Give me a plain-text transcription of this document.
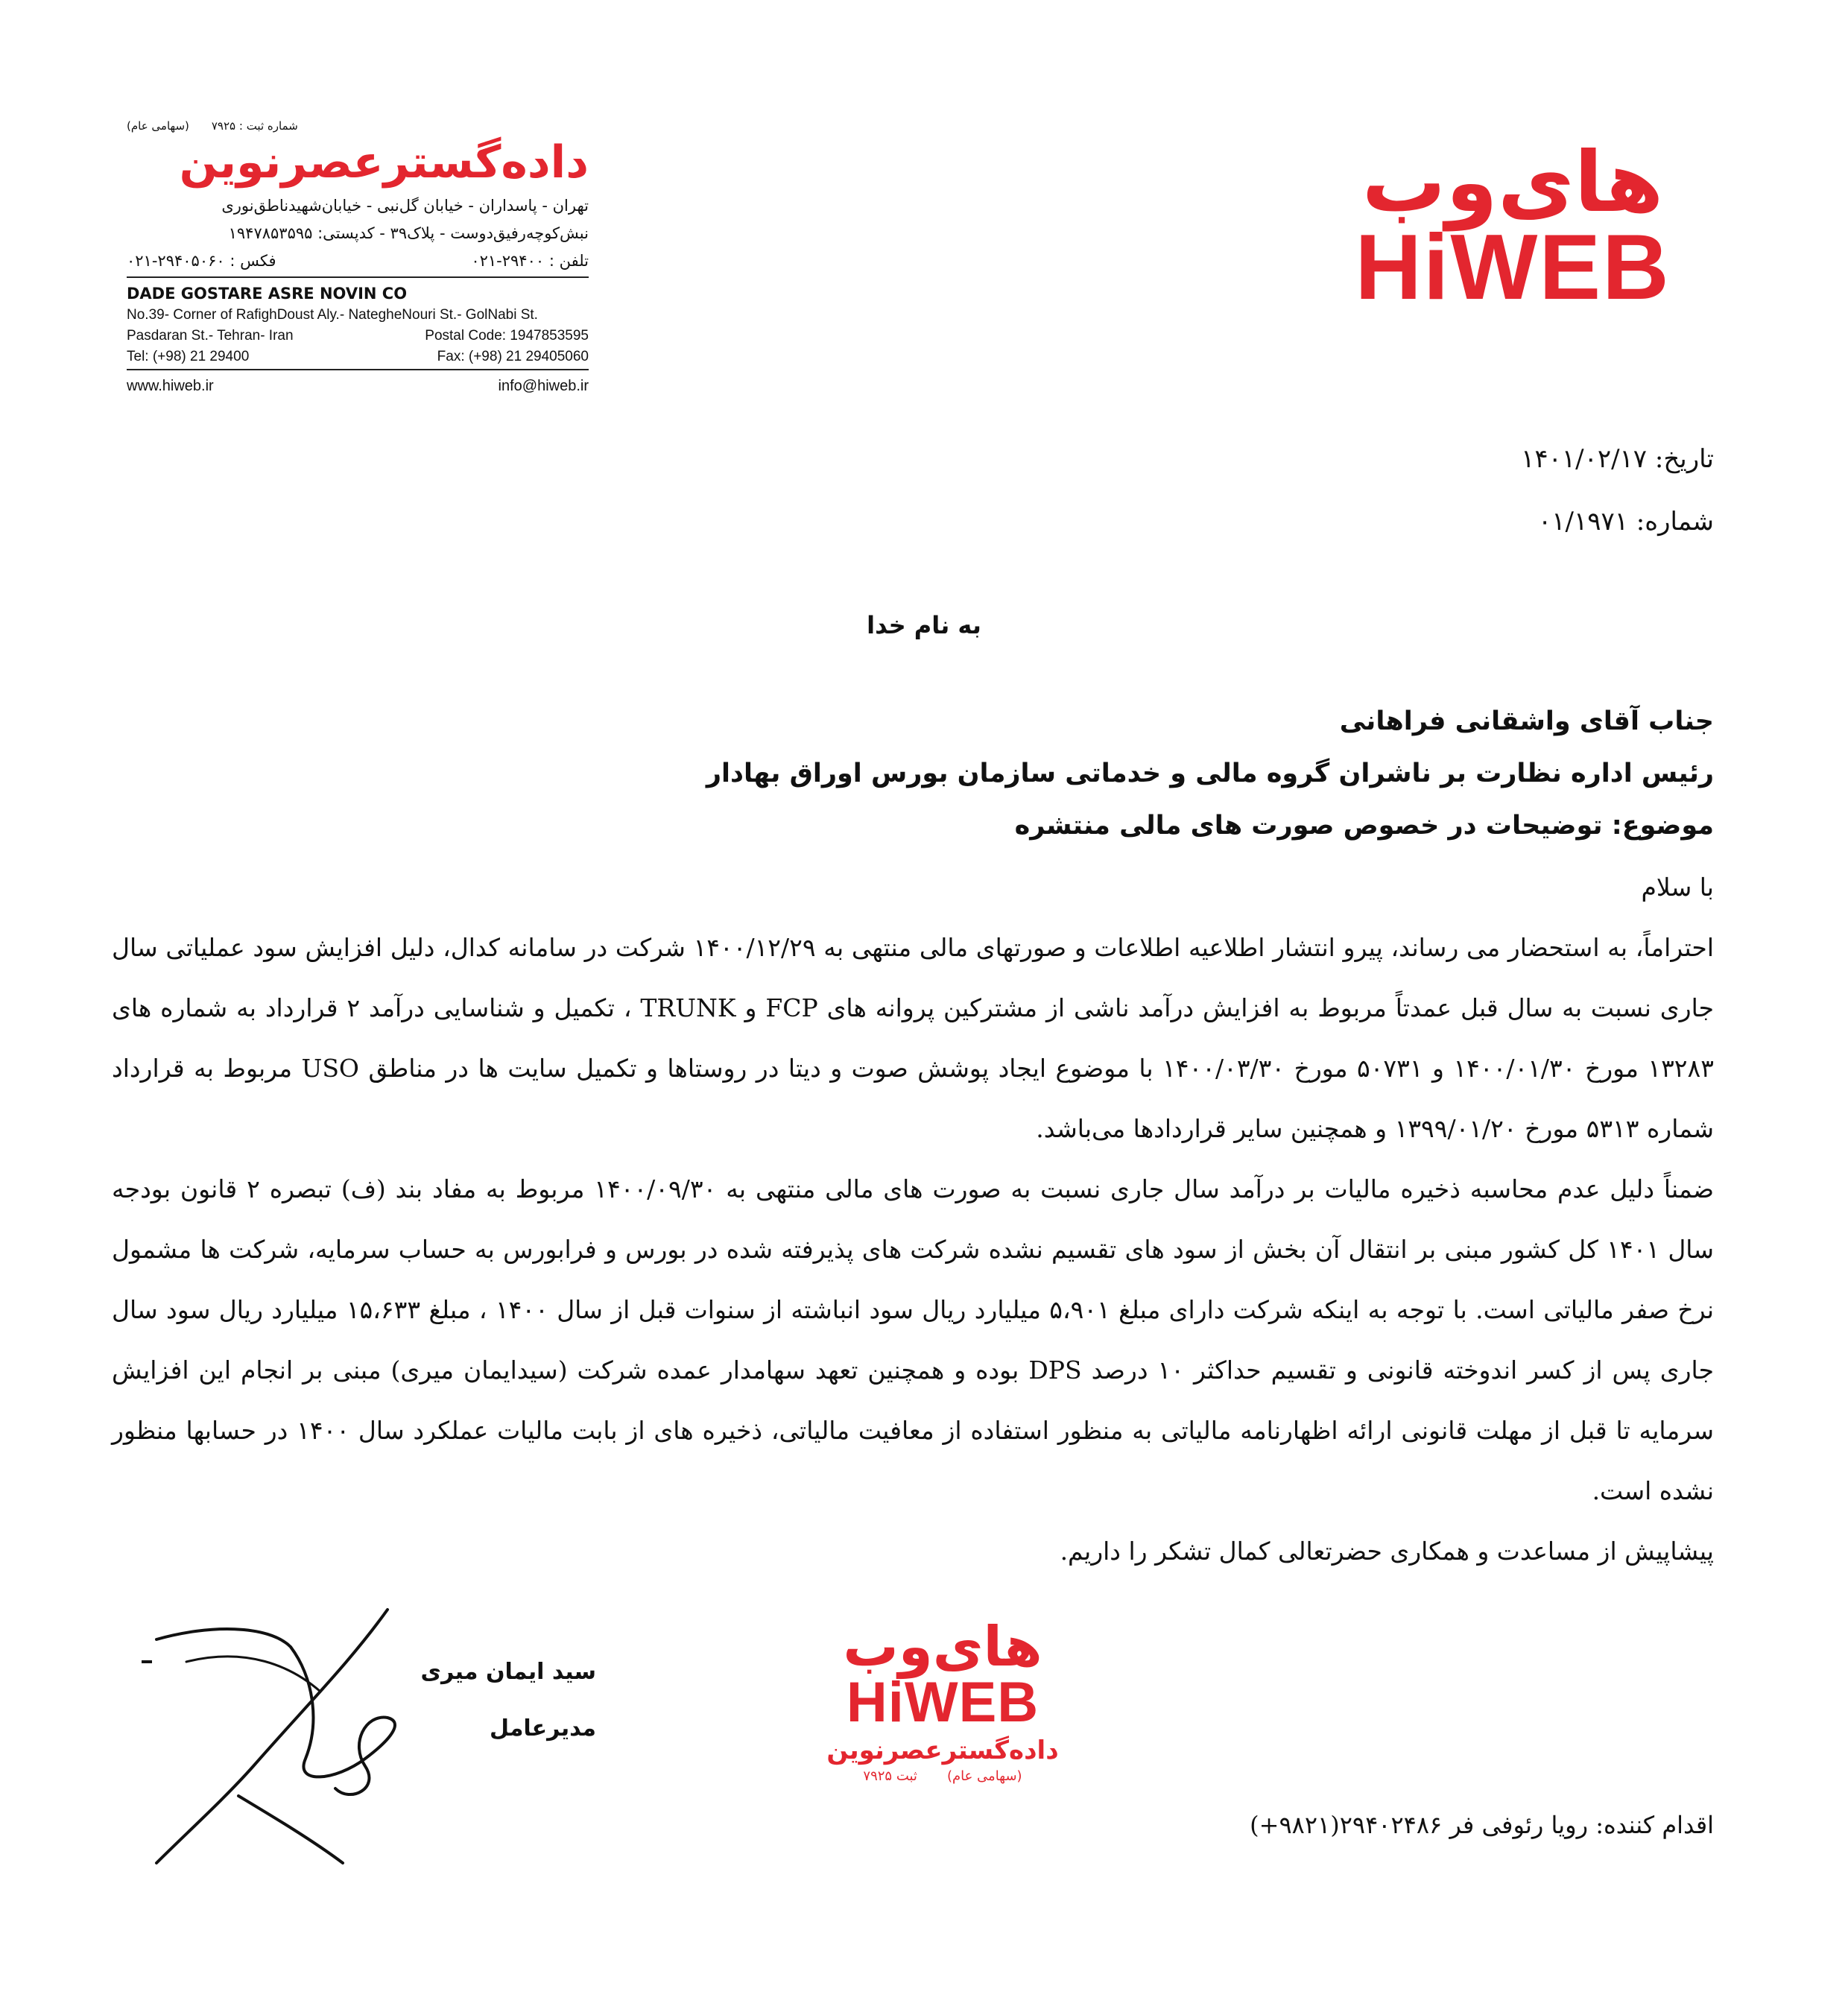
شماره ثبت : ۷۹۲۵
(سهامی عام)
داده‌گسترعصرنوین
تهران - پاسداران - خیابان گل‌نبی - خیابان‌شهیدناطق‌نوری
نبش‌کوچه‌رفیق‌دوست - پلاک‌۳۹ - کدپستی: ۱۹۴۷۸۵۳۵۹۵
تلفن : ۲۹۴۰۰-۰۲۱
فکس : ۲۹۴۰۵۰۶۰-۰۲۱
DADE GOSTARE ASRE NOVIN CO
No.39- Corner of RafighDoust Aly.- NategheNouri St.- GolNabi St.
Pasdaran St.- Tehran- Iran	Postal Code: 1947853595
Tel: (+98) 21 29400	Fax: (+98) 21 29405060
www.hiweb.ir	info@hiweb.ir
های‌وب
HiWEB
تاریخ: ۱۴۰۱/۰۲/۱۷
شماره: ۰۱/۱۹۷۱
به نام خدا
جناب آقای واشقانی فراهانی
رئیس اداره نظارت بر ناشران گروه مالی و خدماتی سازمان بورس اوراق بهادار
موضوع: توضیحات در خصوص صورت های مالی منتشره

با سلام

احتراماً، به استحضار می رساند، پیرو انتشار اطلاعیه اطلاعات و صورتهای مالی منتهی به ۱۴۰۰/۱۲/۲۹ شرکت در سامانه کدال، دلیل افزایش سود عملیاتی سال جاری نسبت به سال قبل عمدتاً مربوط به افزایش درآمد ناشی از مشترکین پروانه های FCP و TRUNK ، تکمیل و شناسایی درآمد ۲ قرارداد به شماره های ۱۳۲۸۳ مورخ ۱۴۰۰/۰۱/۳۰ و ۵۰۷۳۱ مورخ ۱۴۰۰/۰۳/۳۰ با موضوع ایجاد پوشش صوت و دیتا در روستاها و تکمیل سایت ها در مناطق USO مربوط به قرارداد شماره ۵۳۱۳ مورخ ۱۳۹۹/۰۱/۲۰ و همچنین سایر قراردادها می‌باشد.

ضمناً دلیل عدم محاسبه ذخیره مالیات بر درآمد سال جاری نسبت به صورت های مالی منتهی به ۱۴۰۰/۰۹/۳۰ مربوط به مفاد بند (ف) تبصره ۲ قانون بودجه سال ۱۴۰۱ کل کشور مبنی بر انتقال آن بخش از سود های تقسیم نشده شرکت های پذیرفته شده در بورس و فرابورس به حساب سرمایه، شرکت ها مشمول نرخ صفر مالیاتی است. با توجه به اینکه شرکت دارای مبلغ ۵،۹۰۱ میلیارد ریال سود انباشته از سنوات قبل از سال ۱۴۰۰ ، مبلغ ۱۵،۶۳۳ میلیارد ریال سود سال جاری پس از کسر اندوخته قانونی و تقسیم حداکثر ۱۰ درصد DPS بوده و همچنین تعهد سهامدار عمده شرکت (سیدایمان میری) مبنی بر انجام این افزایش سرمایه تا قبل از مهلت قانونی ارائه اظهارنامه مالیاتی به منظور استفاده از معافیت مالیاتی، ذخیره های از بابت مالیات عملکرد سال ۱۴۰۰ در حسابها منظور نشده است.

پیشاپیش از مساعدت و همکاری حضرتعالی کمال تشکر را داریم.

سید ایمان میری
مدیرعامل
های‌وب
HiWEB
داده‌گسترعصرنوین
(سهامی عام)
ثبت ۷۹۲۵
اقدام کننده: رویا رئوفی فر ۲۹۴۰۲۴۸۶(۹۸۲۱+)
